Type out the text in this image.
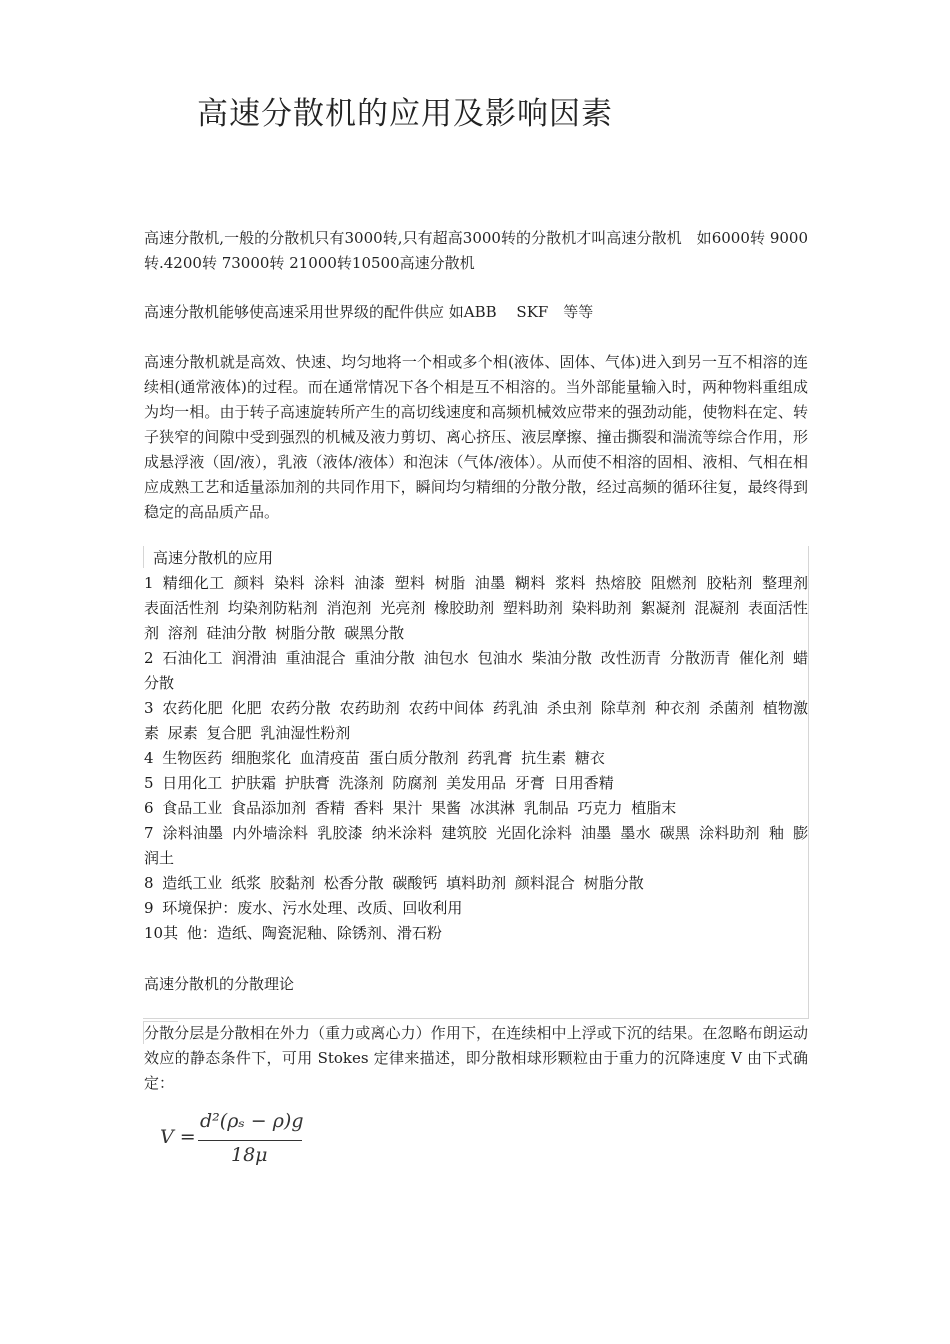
高速分散机的应用及影响因素

高速分散机,一般的分散机只有3000转,只有超高3000转的分散机才叫高速分散机　如6000转 9000转.4200转 73000转 21000转10500高速分散机

高速分散机能够使高速采用世界级的配件供应 如ABB　 SKF　等等

高速分散机就是高效、快速、均匀地将一个相或多个相(液体、固体、气体)进入到另一互不相溶的连续相(通常液体)的过程。而在通常情况下各个相是互不相溶的。当外部能量输入时，两种物料重组成为均一相。由于转子高速旋转所产生的高切线速度和高频机械效应带来的强劲动能，使物料在定、转子狭窄的间隙中受到强烈的机械及液力剪切、离心挤压、液层摩擦、撞击撕裂和湍流等综合作用，形成悬浮液（固/液），乳液（液体/液体）和泡沫（气体/液体）。从而使不相溶的固相、液相、气相在相应成熟工艺和适量添加剂的共同作用下，瞬间均匀精细的分散分散，经过高频的循环往复，最终得到稳定的高品质产品。

高速分散机的应用
1 精细化工 颜料 染料 涂料 油漆 塑料 树脂 油墨 糊料 浆料 热熔胶 阻燃剂 胶粘剂 整理剂 表面活性剂 均染剂防粘剂 消泡剂 光亮剂 橡胶助剂 塑料助剂 染料助剂 絮凝剂 混凝剂 表面活性剂 溶剂 硅油分散 树脂分散 碳黑分散
2 石油化工 润滑油 重油混合 重油分散 油包水 包油水 柴油分散 改性沥青 分散沥青 催化剂 蜡分散
3 农药化肥 化肥 农药分散 农药助剂 农药中间体 药乳油 杀虫剂 除草剂 种衣剂 杀菌剂 植物激素 尿素 复合肥 乳油湿性粉剂
4 生物医药 细胞浆化 血清疫苗 蛋白质分散剂 药乳膏 抗生素 糖衣
5 日用化工 护肤霜 护肤膏 洗涤剂 防腐剂 美发用品 牙膏 日用香精
6 食品工业 食品添加剂 香精 香料 果汁 果酱 冰淇淋 乳制品 巧克力 植脂末
7 涂料油墨 内外墙涂料 乳胶漆 纳米涂料 建筑胶 光固化涂料 油墨 墨水 碳黑 涂料助剂 釉 膨润土
8 造纸工业 纸浆 胶黏剂 松香分散 碳酸钙 填料助剂 颜料混合 树脂分散
9 环境保护：废水、污水处理、改质、回收利用
10其 他：造纸、陶瓷泥釉、除锈剂、滑石粉
高速分散机的分散理论

分散分层是分散相在外力（重力或离心力）作用下，在连续相中上浮或下沉的结果。在忽略布朗运动效应的静态条件下，可用 Stokes 定律来描述，即分散相球形颗粒由于重力的沉降速度 V 由下式确定：

V =
d²(ρₛ − ρ)g
18μ
